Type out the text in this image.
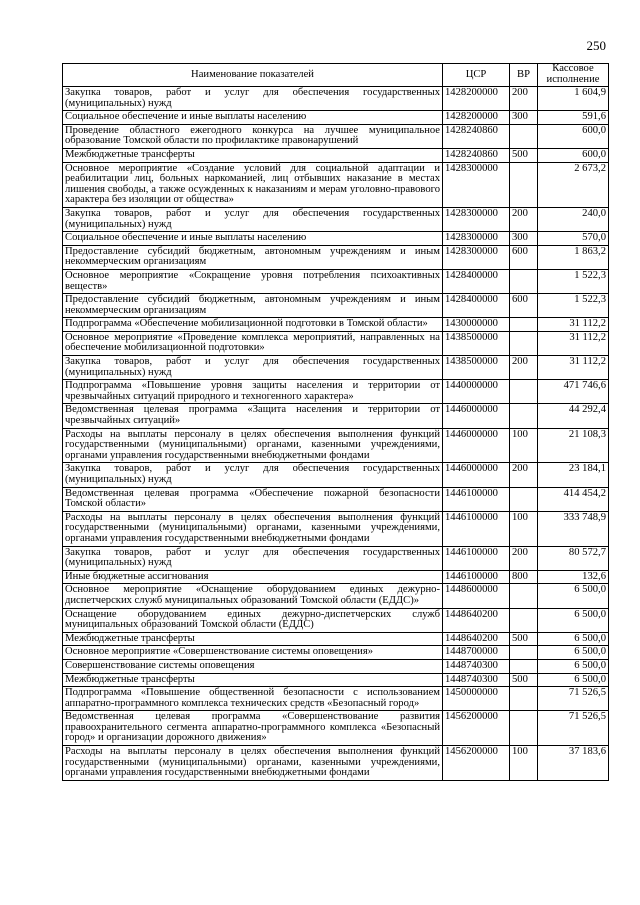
250
Наименование показателей	ЦСР	ВР	Кассовое исполнение
Закупка товаров, работ и услуг для обеспечения государственных (муниципальных) нужд	1428200000	200	1 604,9
Социальное обеспечение и иные выплаты населению	1428200000	300	591,6
Проведение областного ежегодного конкурса на лучшее муниципальное образование Томской области по профилактике правонарушений	1428240860		600,0
Межбюджетные трансферты	1428240860	500	600,0
Основное мероприятие «Создание условий для социальной адаптации и реабилитации лиц, больных наркоманией, лиц отбывших наказание в местах лишения свободы, а также осужденных к наказаниям и мерам уголовно-правового характера без изоляции от общества»	1428300000		2 673,2
Закупка товаров, работ и услуг для обеспечения государственных (муниципальных) нужд	1428300000	200	240,0
Социальное обеспечение и иные выплаты населению	1428300000	300	570,0
Предоставление субсидий бюджетным, автономным учреждениям и иным некоммерческим организациям	1428300000	600	1 863,2
Основное мероприятие «Сокращение уровня потребления психоактивных веществ»	1428400000		1 522,3
Предоставление субсидий бюджетным, автономным учреждениям и иным некоммерческим организациям	1428400000	600	1 522,3
Подпрограмма «Обеспечение мобилизационной подготовки в Томской области»	1430000000		31 112,2
Основное мероприятие «Проведение комплекса мероприятий, направленных на обеспечение мобилизационной подготовки»	1438500000		31 112,2
Закупка товаров, работ и услуг для обеспечения государственных (муниципальных) нужд	1438500000	200	31 112,2
Подпрограмма «Повышение уровня защиты населения и территории от чрезвычайных ситуаций природного и техногенного характера»	1440000000		471 746,6
Ведомственная целевая программа «Защита населения и территории от чрезвычайных ситуаций»	1446000000		44 292,4
Расходы на выплаты персоналу в целях обеспечения выполнения функций государственными (муниципальными) органами, казенными учреждениями, органами управления государственными внебюджетными фондами	1446000000	100	21 108,3
Закупка товаров, работ и услуг для обеспечения государственных (муниципальных) нужд	1446000000	200	23 184,1
Ведомственная целевая программа «Обеспечение пожарной безопасности Томской области»	1446100000		414 454,2
Расходы на выплаты персоналу в целях обеспечения выполнения функций государственными (муниципальными) органами, казенными учреждениями, органами управления государственными внебюджетными фондами	1446100000	100	333 748,9
Закупка товаров, работ и услуг для обеспечения государственных (муниципальных) нужд	1446100000	200	80 572,7
Иные бюджетные ассигнования	1446100000	800	132,6
Основное мероприятие «Оснащение оборудованием единых дежурно-диспетчерских служб муниципальных образований Томской области (ЕДДС)»	1448600000		6 500,0
Оснащение оборудованием единых дежурно-диспетчерских служб муниципальных образований Томской области (ЕДДС)	1448640200		6 500,0
Межбюджетные трансферты	1448640200	500	6 500,0
Основное мероприятие «Совершенствование системы оповещения»	1448700000		6 500,0
Совершенствование системы оповещения	1448740300		6 500,0
Межбюджетные трансферты	1448740300	500	6 500,0
Подпрограмма «Повышение общественной безопасности с использованием аппаратно-программного комплекса технических средств «Безопасный город»	1450000000		71 526,5
Ведомственная целевая программа «Совершенствование развития правоохранительного сегмента аппаратно-программного комплекса «Безопасный город» и организации дорожного движения»	1456200000		71 526,5
Расходы на выплаты персоналу в целях обеспечения выполнения функций государственными (муниципальными) органами, казенными учреждениями, органами управления государственными внебюджетными фондами	1456200000	100	37 183,6
